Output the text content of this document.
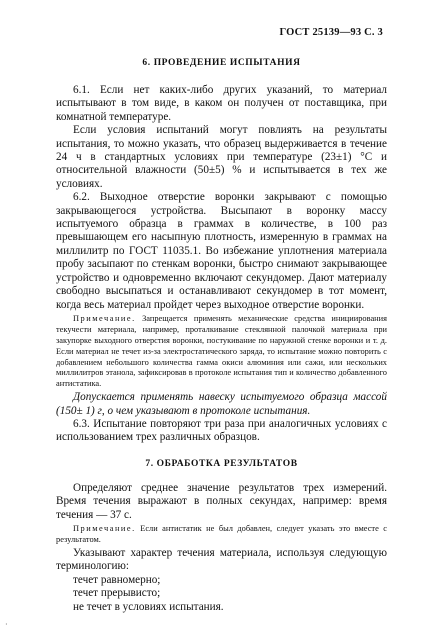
ГОСТ 25139—93 С. 3

6. ПРОВЕДЕНИЕ ИСПЫТАНИЯ

6.1. Если нет каких-либо других указаний, то материал испытывают в том виде, в каком он получен от поставщика, при комнатной температуре.

Если условия испытаний могут повлиять на результаты испытания, то можно указать, что образец выдерживается в течение 24 ч в стандартных условиях при температуре (23±1) °С и относительной влажности (50±5) % и испытывается в тех же условиях.

6.2. Выходное отверстие воронки закрывают с помощью закрывающегося устройства. Высыпают в воронку массу испытуемого образца в граммах в количестве, в 100 раз превышающем его насыпную плотность, измеренную в граммах на миллилитр по ГОСТ 11035.1. Во избежание уплотнения материала пробу засыпают по стенкам воронки, быстро снимают закрывающее устройство и одновременно включают секундомер. Дают материалу свободно высыпаться и останавливают секундомер в тот момент, когда весь материал пройдет через выходное отверстие воронки.

Примечание. Запрещается применять механические средства инициирования текучести материала, например, проталкивание стеклянной палочкой материала при закупорке выходного отверстия воронки, постукивание по наружной стенке воронки и т. д. Если материал не течет из-за электростатического заряда, то испытание можно повторить с добавлением небольшого количества гамма окиси алюминия или сажи, или нескольких миллилитров этанола, зафиксировав в протоколе испытания тип и количество добавленного антистатика.

Допускается применять навеску испытуемого образца массой (150± 1) г, о чем указывают в протоколе испытания.

6.3. Испытание повторяют три раза при аналогичных условиях с использованием трех различных образцов.

7. ОБРАБОТКА РЕЗУЛЬТАТОВ

Определяют среднее значение результатов трех измерений. Время течения выражают в полных секундах, например: время течения — 37 с.

Примечание. Если антистатик не был добавлен, следует указать это вместе с результатом.

Указывают характер течения материала, используя следующую терминологию:

течет равномерно;

течет прерывисто;

не течет в условиях испытания.

·
